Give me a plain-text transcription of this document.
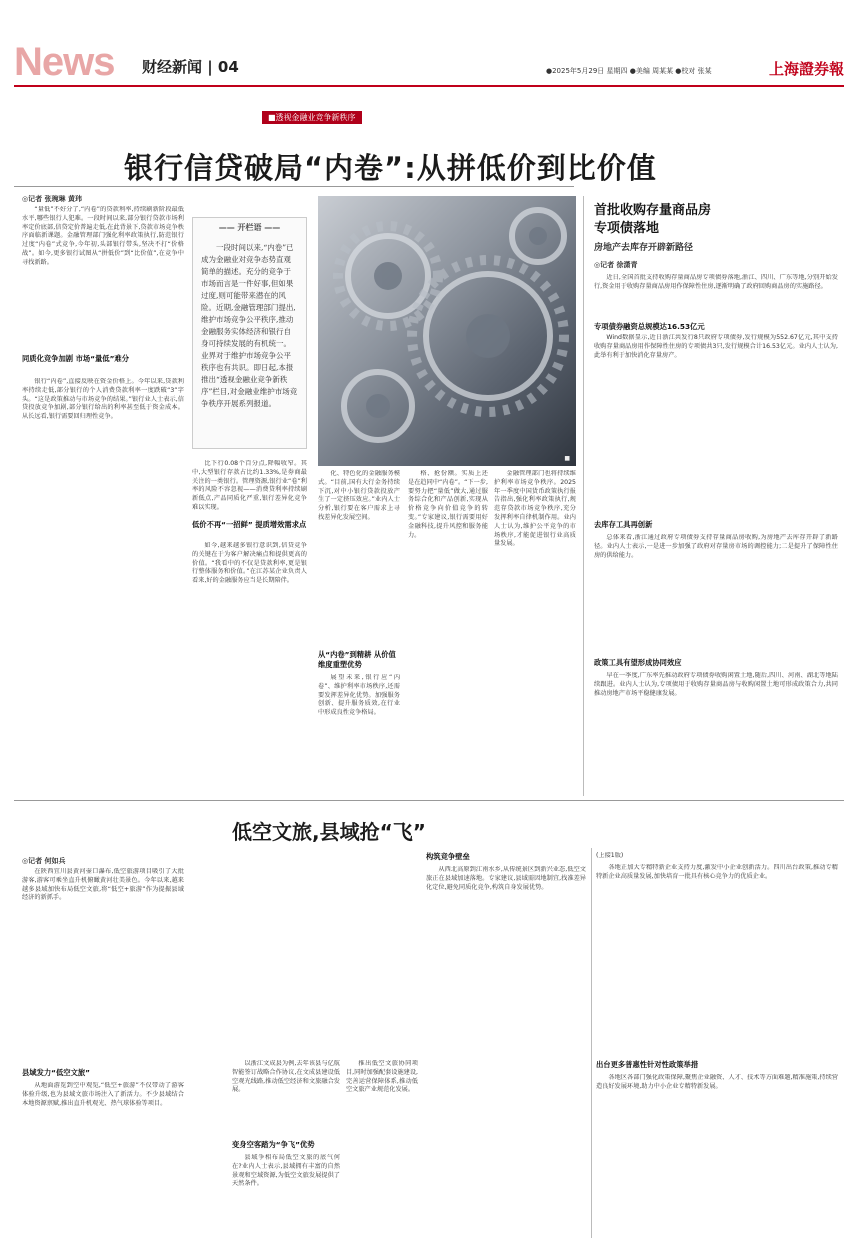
News 财经新闻 | 04	●2025年5月29日 星期四 ●美编 周某某 ●校对 张某	上海證券報
■透视金融业竞争新秩序
银行信贷破局“内卷”:从拼低价到比价值
◎记者 张琬琳 黄玮

“量低”不好分了,“内卷”的贷款利率,持续刷新阶段最低水平,哪些银行人犯难。一段时间以来,部分银行贷款市场利率定价底部,信贷定价普遍走低,在此背景下,贷款市场竞争秩序面临新课题。金融管理部门强化利率政策执行,防范银行过度“内卷”式竞争,今年初,头部银行带头,坚决不打“价格战”。如今,更多银行试图从“拼低价”到“比价值”,在竞争中寻找新路。

同质化竞争加剧 市场“量低”难分

银行“内卷”,直接反映在资金价格上。今年以来,贷款利率持续走低,部分银行的个人消费贷款利率一度跌破“3”字头。“这是政策推动与市场竞争的结果。”银行业人士表示,信贷投放竞争加剧,部分银行给出的利率甚至低于资金成本。从长远看,银行需要回归理性竞争。

—— 开栏语 ——

一段时间以来,“内卷”已成为金融业对竞争态势直观简单的描述。充分的竞争于市场而言是一件好事,但如果过度,则可能带来潜在的风险。近期,金融管理部门提出,维护市场竞争公平秩序,推动金融服务实体经济和银行自身可持续发展的有机统一。业界对于维护市场竞争公平秩序也有共识。即日起,本报推出“透视金融业竞争新秩序”栏目,对金融业维护市场竞争秩序开展系列报道。

比下行0.08个百分点,降幅收窄。其中,大型银行存款占比约1.33%,是券商最关注的一类银行。管理资源,银行业“卷”利率的风险不容忽视——消费贷利率持续刷新低点,产品同质化严重,银行差异化竞争难以实现。

低价不再“一招鲜” 提质增效需求点

如今,越来越多银行意识到,信贷竞争的关键在于为客户解决痛点和提供更高的价值。“我看中的不仅是贷款利率,更是银行整体服务和价值。”在江苏某企业负责人看来,好的金融服务应当是长期陪伴。

■

化、特色化的金融服务模式。“目前,国有大行金务持续下沉,对中小银行贷款投放产生了一定挤压效应。”业内人士分析,银行要在客户需求上寻找差异化发展空间。

从“内卷”到精耕 从价值维度重塑优势

展望未来,银行应“内卷”、维护利率市场秩序,还需要发挥差异化优势。加强服务创新、提升服务质效,在行业中形成良性竞争格局。

格、抢份额。实质上还是在趋同中“内卷”。“下一步,要努力把“量低”做大,通过服务综合化和产品创新,实现从价格竞争向价值竞争的转变。”专家建议,银行需要用好金融科技,提升风控和服务能力。

金融管理部门也将持续维护利率市场竞争秩序。2025年一季度中国货币政策执行报告指出,强化利率政策执行,规范存贷款市场竞争秩序,充分发挥利率自律机制作用。业内人士认为,维护公平竞争的市场秩序,才能促进银行业高质量发展。

首批收购存量商品房
专项债落地
房地产去库存开辟新路径
◎记者 徐潇青

近日,全国首批支持收购存量商品房专项债券落地,浙江、四川、广东等地,分别开始发行,资金用于收购存量商品房用作保障性住房,逐渐明确了政府回购商品房的实施路径。

专项债券融资总规模达16.53亿元

Wind数据显示,近日浙江共发行8只政府专项债券,发行规模为552.67亿元,其中支持收购存量商品房用作保障性住房的专项债共3只,发行规模合计16.53亿元。业内人士认为,此举有利于加快消化存量房产。

去库存工具再创新

总体来看,浙江通过政府专项债券支持存量商品房收购,为房地产去库存开辟了新路径。业内人士表示,一是进一步加强了政府对存量房市场的调控能力;二是提升了保障性住房的供给能力。

政策工具有望形成协同效应

早在一季度,广东率先推动政府专项债券收购闲置土地,随后,四川、河南、湖北等地陆续跟进。业内人士认为,专项债用于收购存量商品房与收购闲置土地可形成政策合力,共同推动房地产市场平稳健康发展。

低空文旅,县域抢“飞”
◎记者 何如兵

在陕西宜川县黄河壶口瀑布,低空旅游项目吸引了大批游客,游客可乘坐直升机俯瞰黄河壮美景色。今年以来,越来越多县域加快布局低空文旅,将“低空+旅游”作为提振县域经济的新抓手。

县域发力“低空文旅”

从地面游览到空中观览,“低空+旅游”不仅带动了游客体验升级,也为县域文旅市场注入了新活力。不少县域结合本地资源禀赋,推出直升机观光、热气球体验等项目。

以浙江文成县为例,去年该县与亿航智能签订战略合作协议,在文成县建设低空观光线路,推动低空经济和文旅融合发展。

变身空客踏为“争飞”优势

县域争相布局低空文旅的底气何在?业内人士表示,县域拥有丰富的自然景观和空域资源,为低空文旅发展提供了天然条件。

推出低空文旅协同项目,同时加强配套设施建设,完善运营保障体系,推动低空文旅产业规范化发展。

构筑竞争壁垒

从西北高原到江南水乡,从传统景区到新兴业态,低空文旅正在县域加速落地。专家建议,县域需因地制宜,找准差异化定位,避免同质化竞争,构筑自身发展优势。

(上接1版)

各地正加大专精特新企业支持力度,激发中小企业创新活力。四川出台政策,推动专精特新企业高质量发展,加快培育一批具有核心竞争力的优质企业。

出台更多普惠性针对性政策举措

各地区各部门强化政策保障,聚焦企业融资、人才、技术等方面难题,精准施策,持续营造良好发展环境,助力中小企业专精特新发展。
